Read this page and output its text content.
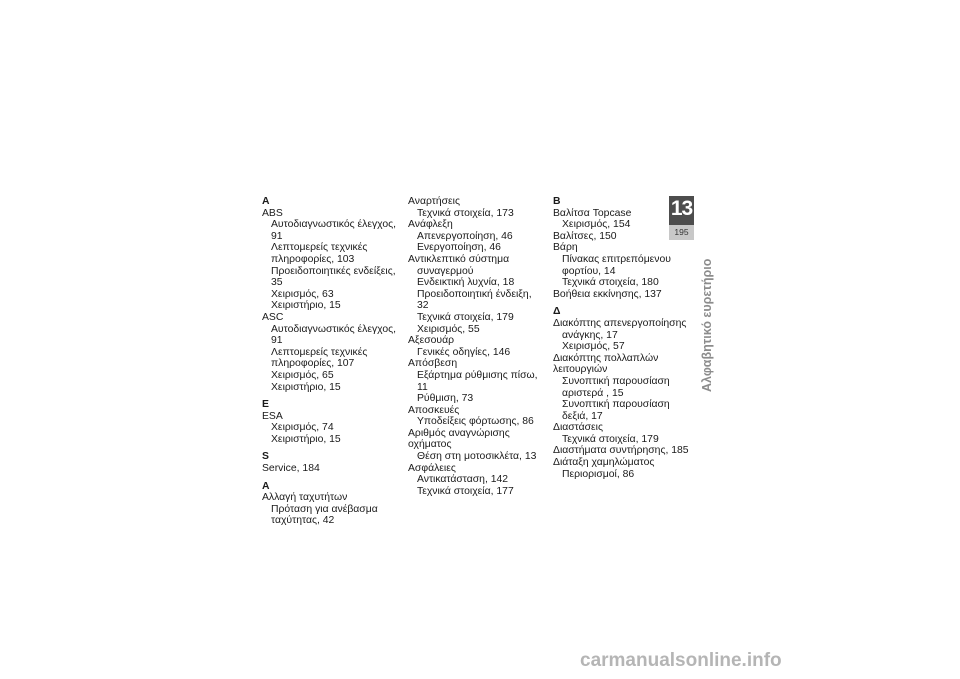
A
ABS
Αυτοδιαγνωστικός έλεγχος, 91
Λεπτομερείς τεχνικές
πληροφορίες, 103
Προειδοποιητικές ενδείξεις, 35
Χειρισμός, 63
Χειριστήριο, 15
ASC
Αυτοδιαγνωστικός έλεγχος, 91
Λεπτομερείς τεχνικές
πληροφορίες, 107
Χειρισμός, 65
Χειριστήριο, 15
E
ESA
Χειρισμός, 74
Χειριστήριο, 15
S
Service, 184
Α
Αλλαγή ταχυτήτων
Πρόταση για ανέβασμα
ταχύτητας, 42
Αναρτήσεις
Τεχνικά στοιχεία, 173
Ανάφλεξη
Απενεργοποίηση, 46
Ενεργοποίηση, 46
Αντικλεπτικό σύστημα
συναγερμού
Ενδεικτική λυχνία, 18
Προειδοποιητική ένδειξη, 32
Τεχνικά στοιχεία, 179
Χειρισμός, 55
Αξεσουάρ
Γενικές οδηγίες, 146
Απόσβεση
Εξάρτημα ρύθμισης πίσω, 11
Ρύθμιση, 73
Αποσκευές
Υποδείξεις φόρτωσης, 86
Αριθμός αναγνώρισης οχήματος
Θέση στη μοτοσικλέτα, 13
Ασφάλειες
Αντικατάσταση, 142
Τεχνικά στοιχεία, 177
Β
Βαλίτσα Topcase
Χειρισμός, 154
Βαλίτσες, 150
Βάρη
Πίνακας επιτρεπόμενου
φορτίου, 14
Τεχνικά στοιχεία, 180
Βοήθεια εκκίνησης, 137
Δ
Διακόπτης απενεργοποίησης
ανάγκης, 17
Χειρισμός, 57
Διακόπτης πολλαπλών λειτουργιών
Συνοπτική παρουσίαση
αριστερά , 15
Συνοπτική παρουσίαση
δεξιά, 17
Διαστάσεις
Τεχνικά στοιχεία, 179
Διαστήματα συντήρησης, 185
Διάταξη χαμηλώματος
Περιορισμοί, 86
13
195
Αλφαβητικό ευρετήριο
carmanualsonline.info
